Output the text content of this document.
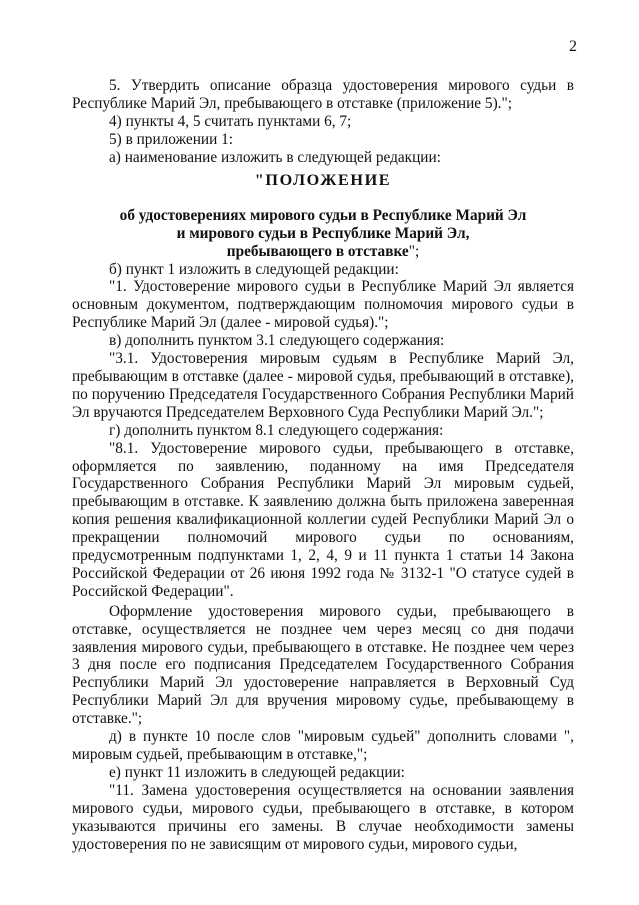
2

5. Утвердить описание образца удостоверения мирового судьи в Республике Марий Эл, пребывающего в отставке (приложение 5).";

4) пункты 4, 5 считать пунктами 6, 7;

5) в приложении 1:

а) наименование изложить в следующей редакции:

"ПОЛОЖЕНИЕ
об удостоверениях мирового судьи в Республике Марий Эл
и мирового судьи в Республике Марий Эл,
пребывающего в отставке";

б) пункт 1 изложить в следующей редакции:

"1. Удостоверение мирового судьи в Республике Марий Эл является основным документом, подтверждающим полномочия мирового судьи в Республике Марий Эл (далее - мировой судья).";

в) дополнить пунктом 3.1 следующего содержания:

"3.1. Удостоверения мировым судьям в Республике Марий Эл, пребывающим в отставке (далее - мировой судья, пребывающий в отставке), по поручению Председателя Государственного Собрания Республики Марий Эл вручаются Председателем Верховного Суда Республики Марий Эл.";

г) дополнить пунктом 8.1 следующего содержания:

"8.1. Удостоверение мирового судьи, пребывающего в отставке, оформляется по заявлению, поданному на имя Председателя Государственного Собрания Республики Марий Эл мировым судьей, пребывающим в отставке. К заявлению должна быть приложена заверенная копия решения квалификационной коллегии судей Республики Марий Эл о прекращении полномочий мирового судьи по основаниям, предусмотренным подпунктами 1, 2, 4, 9 и 11 пункта 1 статьи 14 Закона Российской Федерации от 26 июня 1992 года № 3132-1 "О статусе судей в Российской Федерации".

Оформление удостоверения мирового судьи, пребывающего в отставке, осуществляется не позднее чем через месяц со дня подачи заявления мирового судьи, пребывающего в отставке. Не позднее чем через 3 дня после его подписания Председателем Государственного Собрания Республики Марий Эл удостоверение направляется в Верховный Суд Республики Марий Эл для вручения мировому судье, пребывающему в отставке.";

д) в пункте 10 после слов "мировым судьей" дополнить словами ", мировым судьей, пребывающим в отставке,";

е) пункт 11 изложить в следующей редакции:

"11. Замена удостоверения осуществляется на основании заявления мирового судьи, мирового судьи, пребывающего в отставке, в котором указываются причины его замены. В случае необходимости замены удостоверения по не зависящим от мирового судьи, мирового судьи,
